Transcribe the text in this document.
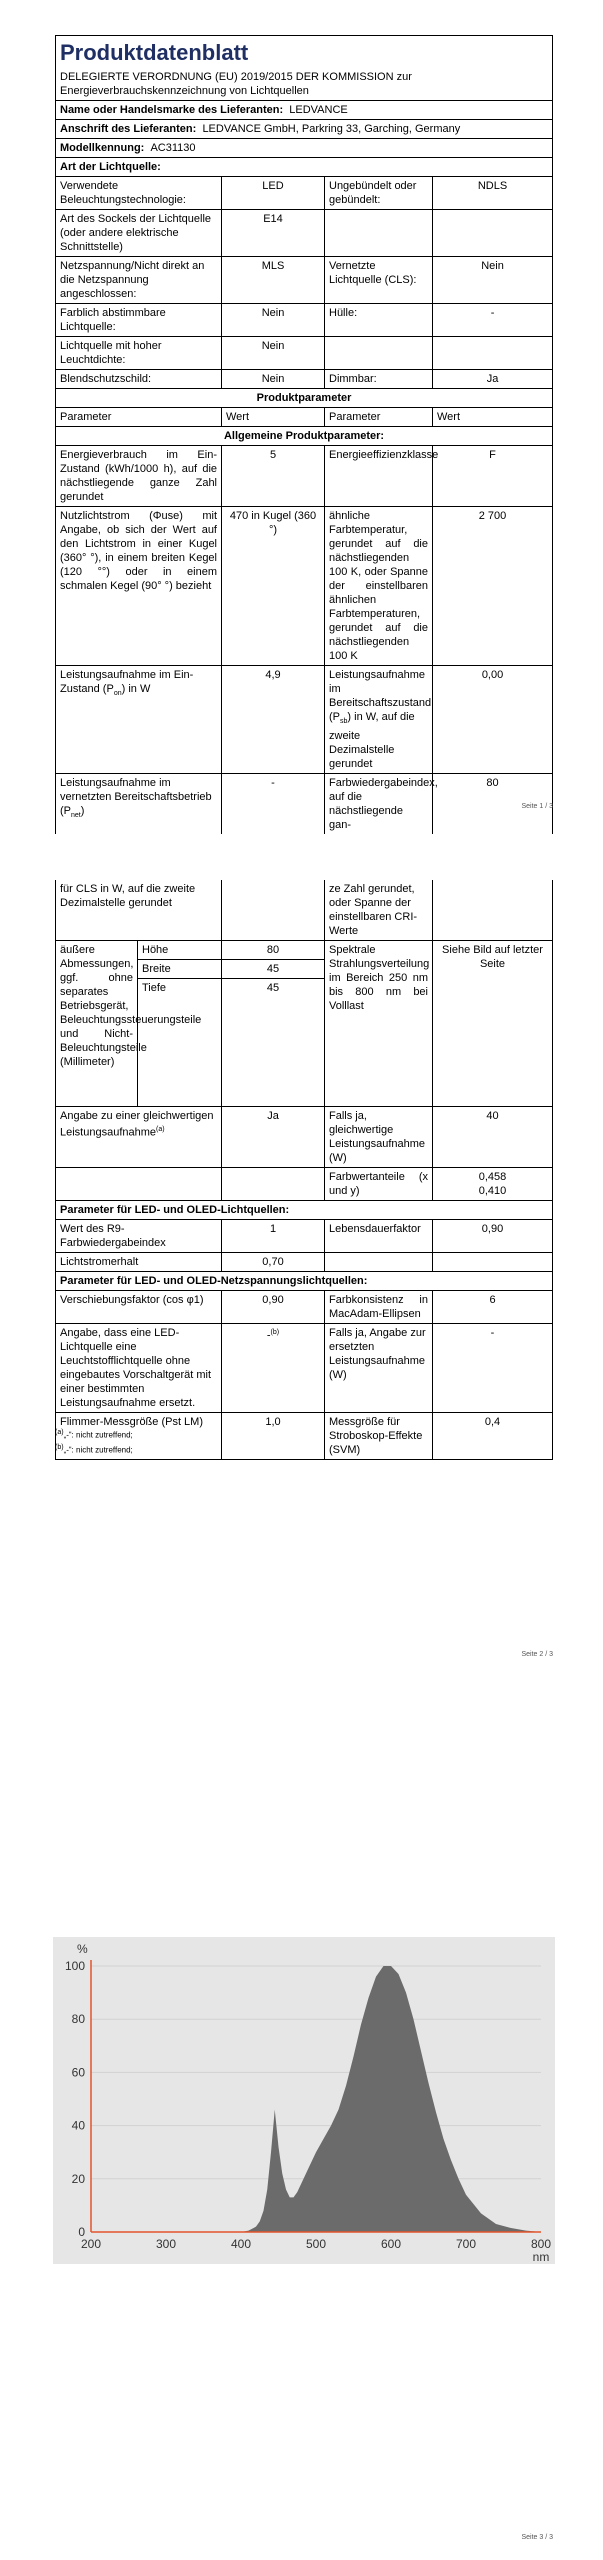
Produktdatenblatt			
DELEGIERTE VERORDNUNG (EU) 2019/2015 DER KOMMISSION zur Energieverbrauchskennzeichnung von Lichtquellen			
Name oder Handelsmarke des Lieferanten: LEDVANCE			
Anschrift des Lieferanten: LEDVANCE GmbH, Parkring 33, Garching, Germany			
Modellkennung: AC31130			
Art der Lichtquelle:			
Verwendete Beleuchtungstechnologie:	LED	Ungebündelt oder gebündelt:	NDLS
Art des Sockels der Lichtquelle (oder andere elektrische Schnittstelle)	E14		
Netzspannung/Nicht direkt an die Netzspannung angeschlossen:	MLS	Vernetzte Lichtquelle (CLS):	Nein
Farblich abstimmbare Lichtquelle:	Nein	Hülle:	-
Lichtquelle mit hoher Leuchtdichte:	Nein		
Blendschutzschild:	Nein	Dimmbar:	Ja
Produktparameter			
Parameter	Wert	Parameter	Wert
Allgemeine Produktparameter:			
Energieverbrauch im Ein-Zustand (kWh/1000 h), auf die nächstliegende ganze Zahl gerundet	5	Energieeffizienzklasse	F
Nutzlichtstrom (Φuse) mit Angabe, ob sich der Wert auf den Lichtstrom in einer Kugel (360° °), in einem breiten Kegel (120 °°) oder in einem schmalen Kegel (90° °) bezieht	470 in Kugel (360 °)	ähnliche Farbtemperatur, gerundet auf die nächstliegenden 100 K, oder Spanne der einstellbaren ähnlichen Farbtemperaturen, gerundet auf die nächstliegenden 100 K	2 700
Leistungsaufnahme im Ein-Zustand $(P_{on})$ in W	4,9	Leistungsaufnahme im Bereitschaftszustand $(P_{sb})$ in W, auf die zweite Dezimalstelle gerundet	0,00
Leistungsaufnahme im vernetzten Bereitschaftsbetrieb $(P_{net})$	-	Farbwiedergabeindex, auf die nächstliegende gan-	80
Seite 1 / 3
für CLS in W, auf die zweite Dezimalstelle gerundet			ze Zahl gerundet, oder Spanne der einstellbaren CRI-Werte	
äußere Abmessungen, ggf. ohne separates Betriebsgerät, Beleuchtungssteuerungsteile und Nicht-Beleuchtungsteile (Millimeter)	Höhe	80	Spektrale Strahlungsverteilung im Bereich 250 nm bis 800 nm bei Volllast	Siehe Bild auf letzter Seite
	Breite	45		
	Tiefe	45		
Angabe zu einer gleichwertigen Leistungsaufnahme$^{(a)}$		Ja	Falls ja, gleichwertige Leistungsaufnahme (W)	40
			Farbwertanteile (x und y)	0,458
0,410

Parameter für LED- und OLED-Lichtquellen:				
Wert des R9-Farbwiedergabeindex		1	Lebensdauerfaktor	0,90
Lichtstromerhalt		0,70		
Parameter für LED- und OLED-Netzspannungslichtquellen:				
Verschiebungsfaktor (cos φ1)		0,90	Farbkonsistenz in MacAdam-Ellipsen	6
Angabe, dass eine LED-Lichtquelle eine Leuchtstofflichtquelle ohne eingebautes Vorschaltgerät mit einer bestimmten Leistungsaufnahme ersetzt.		-$^{(b)}$	Falls ja, Angabe zur ersetzten Leistungsaufnahme (W)	-
Flimmer-Messgröße (Pst LM)		1,0	Messgröße für Stroboskop-Effekte (SVM)	0,4
$^{(a)}$„-“: nicht zutreffend;
$^{(b)}$„-“: nicht zutreffend;
Seite 2 / 3
0
20
40
60
80
100
200	300	400	500	600	700	800
%
nm
Seite 3 / 3
